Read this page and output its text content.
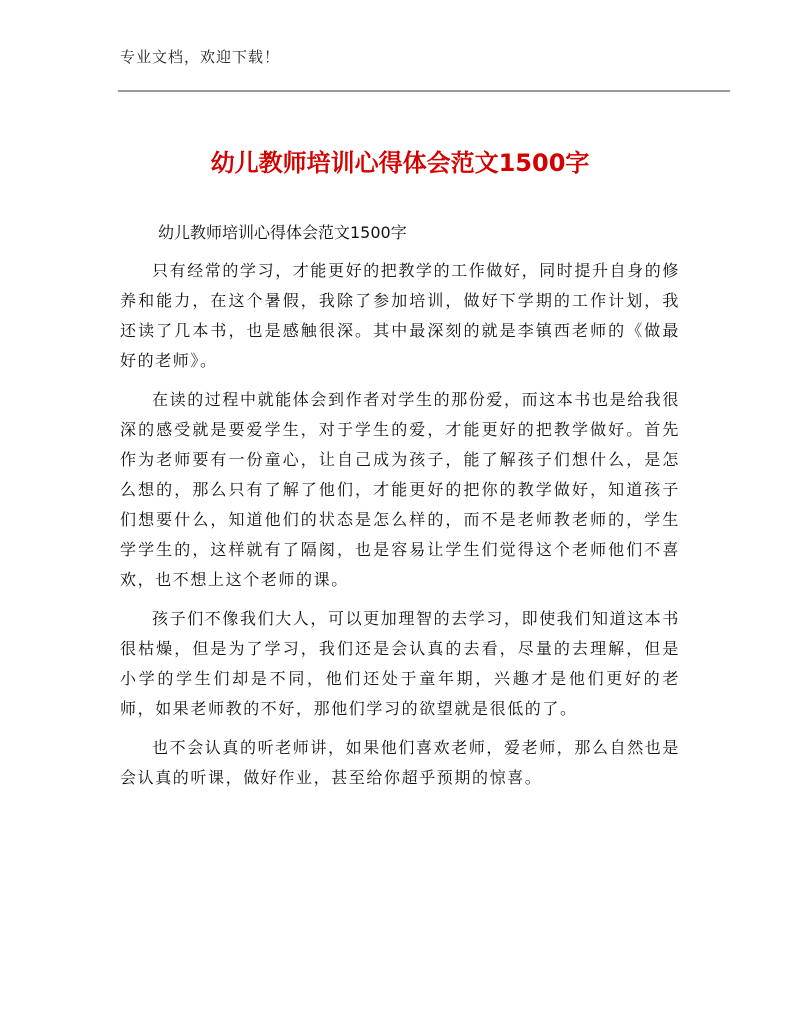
专业文档，欢迎下载！
幼儿教师培训心得体会范文1500字
幼儿教师培训心得体会范文1500字

只有经常的学习，才能更好的把教学的工作做好，同时提升自身的修养和能力，在这个暑假，我除了参加培训，做好下学期的工作计划，我还读了几本书，也是感触很深。其中最深刻的就是李镇西老师的《做最好的老师》。

在读的过程中就能体会到作者对学生的那份爱，而这本书也是给我很深的感受就是要爱学生，对于学生的爱，才能更好的把教学做好。首先作为老师要有一份童心，让自己成为孩子，能了解孩子们想什么，是怎么想的，那么只有了解了他们，才能更好的把你的教学做好，知道孩子们想要什么，知道他们的状态是怎么样的，而不是老师教老师的，学生学学生的，这样就有了隔阂，也是容易让学生们觉得这个老师他们不喜欢，也不想上这个老师的课。

孩子们不像我们大人，可以更加理智的去学习，即使我们知道这本书很枯燥，但是为了学习，我们还是会认真的去看，尽量的去理解，但是小学的学生们却是不同，他们还处于童年期，兴趣才是他们更好的老师，如果老师教的不好，那他们学习的欲望就是很低的了。

也不会认真的听老师讲，如果他们喜欢老师，爱老师，那么自然也是会认真的听课，做好作业，甚至给你超乎预期的惊喜。
